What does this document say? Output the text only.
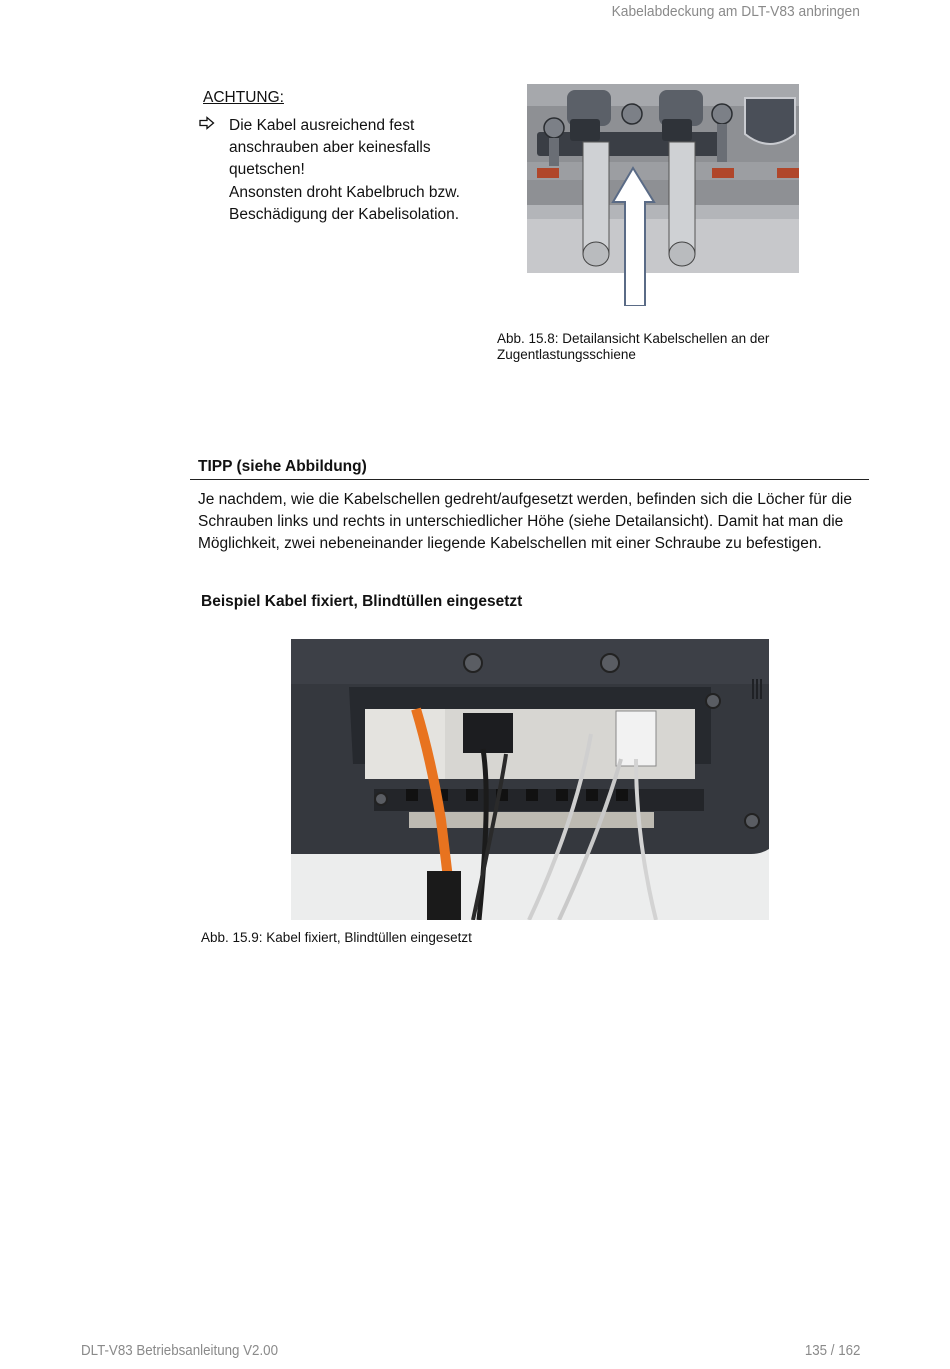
Kabelabdeckung am DLT-V83 anbringen
ACHTUNG:

Die Kabel ausreichend fest anschrauben aber keinesfalls quetschen!

Ansonsten droht Kabelbruch bzw. Beschädigung der Kabelisolation.

Abb. 15.8: Detailansicht Kabelschellen an der Zugentlastungsschiene
TIPP (siehe Abbildung)
Je nachdem, wie die Kabelschellen gedreht/aufgesetzt werden, befinden sich die Löcher für die Schrauben links und rechts in unterschiedlicher Höhe (siehe Detailansicht). Damit hat man die Möglichkeit, zwei nebeneinander liegende Kabelschellen mit einer Schraube zu befestigen.
Beispiel Kabel fixiert, Blindtüllen eingesetzt
Abb. 15.9: Kabel fixiert, Blindtüllen eingesetzt
DLT-V83 Betriebsanleitung V2.00	135 / 162
